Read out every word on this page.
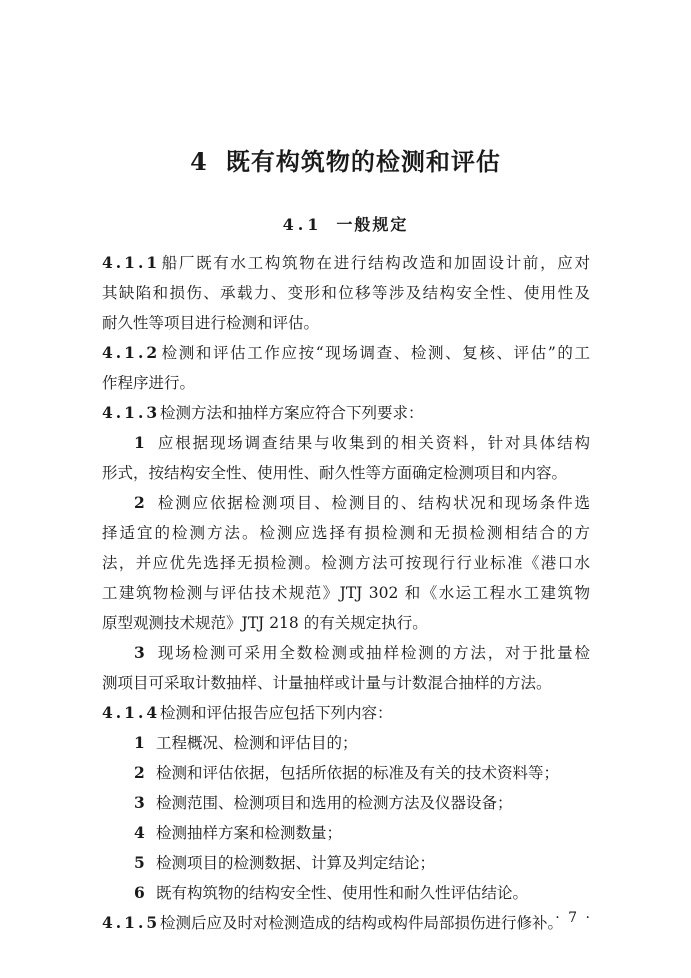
4 既有构筑物的检测和评估
4.1 一般规定
4.1.1船厂既有水工构筑物在进行结构改造和加固设计前，应对
其缺陷和损伤、承载力、变形和位移等涉及结构安全性、使用性及
耐久性等项目进行检测和评估。
4.1.2检测和评估工作应按“现场调查、检测、复核、评估”的工
作程序进行。
4.1.3检测方法和抽样方案应符合下列要求：
1 应根据现场调查结果与收集到的相关资料，针对具体结构
形式，按结构安全性、使用性、耐久性等方面确定检测项目和内容。
2 检测应依据检测项目、检测目的、结构状况和现场条件选
择适宜的检测方法。检测应选择有损检测和无损检测相结合的方
法，并应优先选择无损检测。检测方法可按现行行业标准《港口水
工建筑物检测与评估技术规范》JTJ 302 和《水运工程水工建筑物
原型观测技术规范》JTJ 218 的有关规定执行。
3 现场检测可采用全数检测或抽样检测的方法，对于批量检
测项目可采取计数抽样、计量抽样或计量与计数混合抽样的方法。
4.1.4检测和评估报告应包括下列内容：
1 工程概况、检测和评估目的；
2 检测和评估依据，包括所依据的标准及有关的技术资料等；
3 检测范围、检测项目和选用的检测方法及仪器设备；
4 检测抽样方案和检测数量；
5 检测项目的检测数据、计算及判定结论；
6 既有构筑物的结构安全性、使用性和耐久性评估结论。
4.1.5检测后应及时对检测造成的结构或构件局部损伤进行修补。
· 7 ·
